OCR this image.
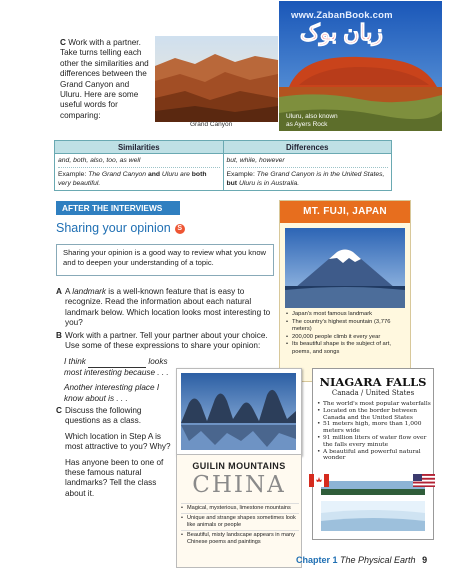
C Work with a partner. Take turns telling each other the similarities and differences between the Grand Canyon and Uluru. Here are some useful words for comparing:
Grand Canyon
www.ZabanBook.com
زبان بوک
Uluru, also known as Ayers Rock
Similarities	Differences
and, both, also, too, as well
Example: The Grand Canyon and Uluru are both very beautiful.
but, while, however
Example: The Grand Canyon is in the United States, but Uluru is in Australia.
AFTER THE INTERVIEWS
Sharing your opinion S
Sharing your opinion is a good way to review what you know and to deepen your understanding of a topic.
A A landmark is a well-known feature that is easy to recognize. Read the information about each natural landmark below. Which location looks most interesting to you?
B Work with a partner. Tell your partner about your choice. Use some of these expressions to share your opinion:
I think	looks most interesting because . . .
Another interesting place I know about is . . .
C Discuss the following questions as a class.
Which location in Step A is most attractive to you? Why?
Has anyone been to one of these famous natural landmarks? Tell the class about it.
MT. FUJI, JAPAN
• Japan's most famous landmark
• The country's highest mountain (3,776 meters)
• 200,000 people climb it every year
• Its beautiful shape is the subject of art, poems, and songs
GUILIN MOUNTAINS
CHINA
• Magical, mysterious, limestone mountains
• Unique and strange shapes sometimes look like animals or people
• Beautiful, misty landscape appears in many Chinese poems and paintings
NIAGARA FALLS
Canada / United States
• The world's most popular waterfalls
• Located on the border between Canada and the United States
• 51 meters high, more than 1,000 meters wide
• 91 million liters of water flow over the falls every minute
• A beautiful and powerful natural wonder
Chapter 1 The Physical Earth 9
